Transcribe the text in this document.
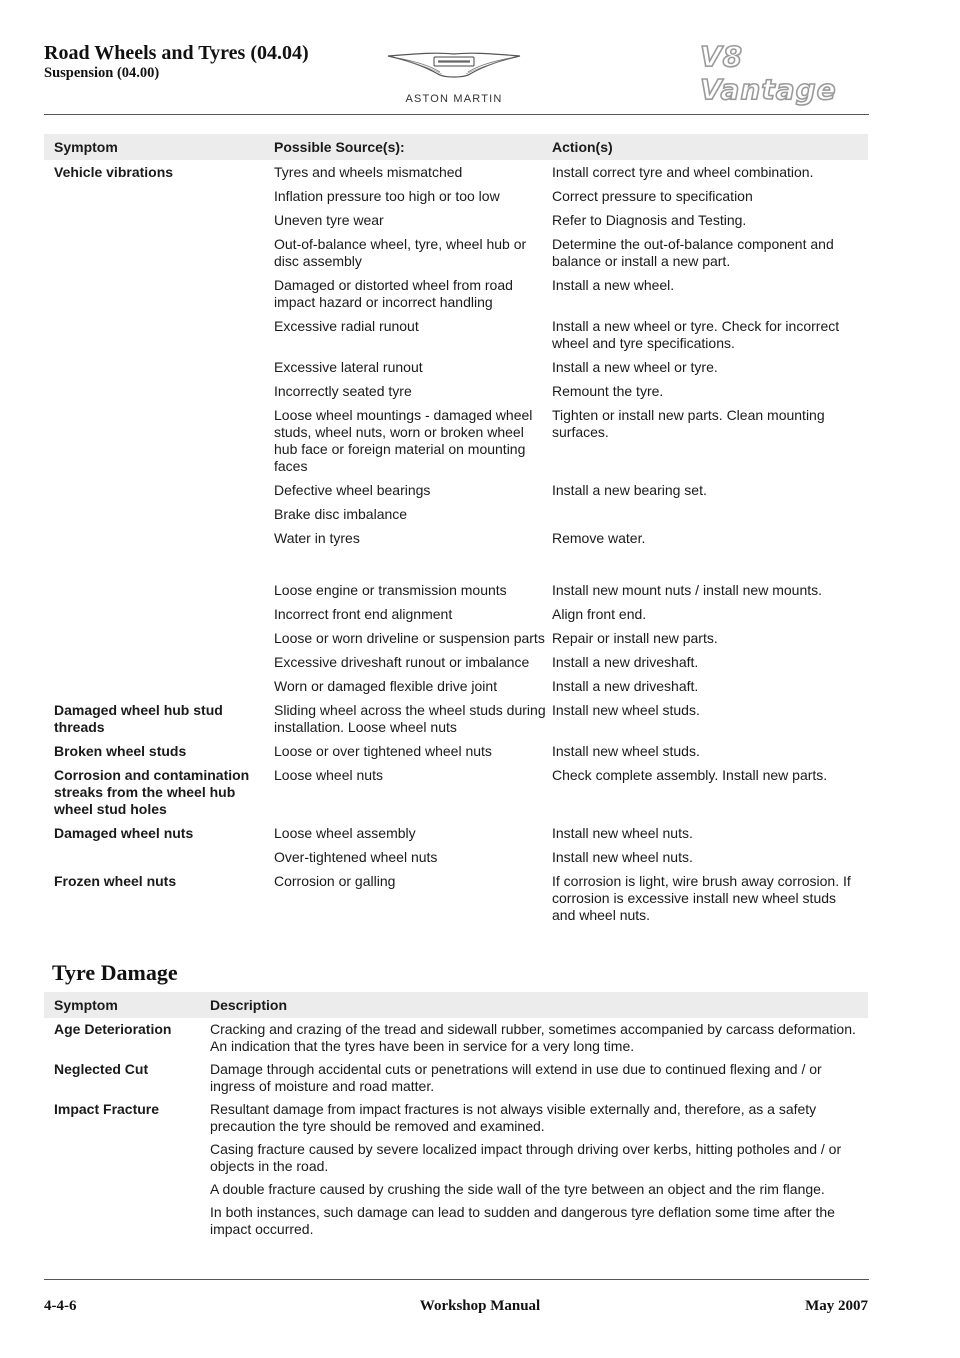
Road Wheels and Tyres (04.04)
Suspension (04.00)
ASTON MARTIN
V8 Vantage
Symptom	Possible Source(s):	Action(s)
Vehicle vibrations	Tyres and wheels mismatched	Install correct tyre and wheel combination.
	Inflation pressure too high or too low	Correct pressure to specification
	Uneven tyre wear	Refer to Diagnosis and Testing.
	Out-of-balance wheel, tyre, wheel hub or disc assembly	Determine the out-of-balance component and balance or install a new part.
	Damaged or distorted wheel from road impact hazard or incorrect handling	Install a new wheel.
	Excessive radial runout	Install a new wheel or tyre. Check for incorrect wheel and tyre specifications.
	Excessive lateral runout	Install a new wheel or tyre.
	Incorrectly seated tyre	Remount the tyre.
	Loose wheel mountings - damaged wheel studs, wheel nuts, worn or broken wheel hub face or foreign material on mounting faces	Tighten or install new parts. Clean mounting surfaces.
	Defective wheel bearings	Install a new bearing set.
	Brake disc imbalance	
	Water in tyres	Remove water.

	Loose engine or transmission mounts	Install new mount nuts / install new mounts.
	Incorrect front end alignment	Align front end.
	Loose or worn driveline or suspension parts	Repair or install new parts.
	Excessive driveshaft runout or imbalance	Install a new driveshaft.
	Worn or damaged flexible drive joint	Install a new driveshaft.
Damaged wheel hub stud threads	Sliding wheel across the wheel studs during installation. Loose wheel nuts	Install new wheel studs.
Broken wheel studs	Loose or over tightened wheel nuts	Install new wheel studs.
Corrosion and contamination streaks from the wheel hub wheel stud holes	Loose wheel nuts	Check complete assembly. Install new parts.
Damaged wheel nuts	Loose wheel assembly	Install new wheel nuts.
	Over-tightened wheel nuts	Install new wheel nuts.
Frozen wheel nuts	Corrosion or galling	If corrosion is light, wire brush away corrosion. If corrosion is excessive install new wheel studs and wheel nuts.
Tyre Damage
Symptom	Description
Age Deterioration	Cracking and crazing of the tread and sidewall rubber, sometimes accompanied by carcass deformation. An indication that the tyres have been in service for a very long time.
Neglected Cut	Damage through accidental cuts or penetrations will extend in use due to continued flexing and / or ingress of moisture and road matter.
Impact Fracture	Resultant damage from impact fractures is not always visible externally and, therefore, as a safety precaution the tyre should be removed and examined.
	Casing fracture caused by severe localized impact through driving over kerbs, hitting potholes and / or objects in the road.
	A double fracture caused by crushing the side wall of the tyre between an object and the rim flange.
	In both instances, such damage can lead to sudden and dangerous tyre deflation some time after the impact occurred.
4-4-6	Workshop Manual	May 2007
